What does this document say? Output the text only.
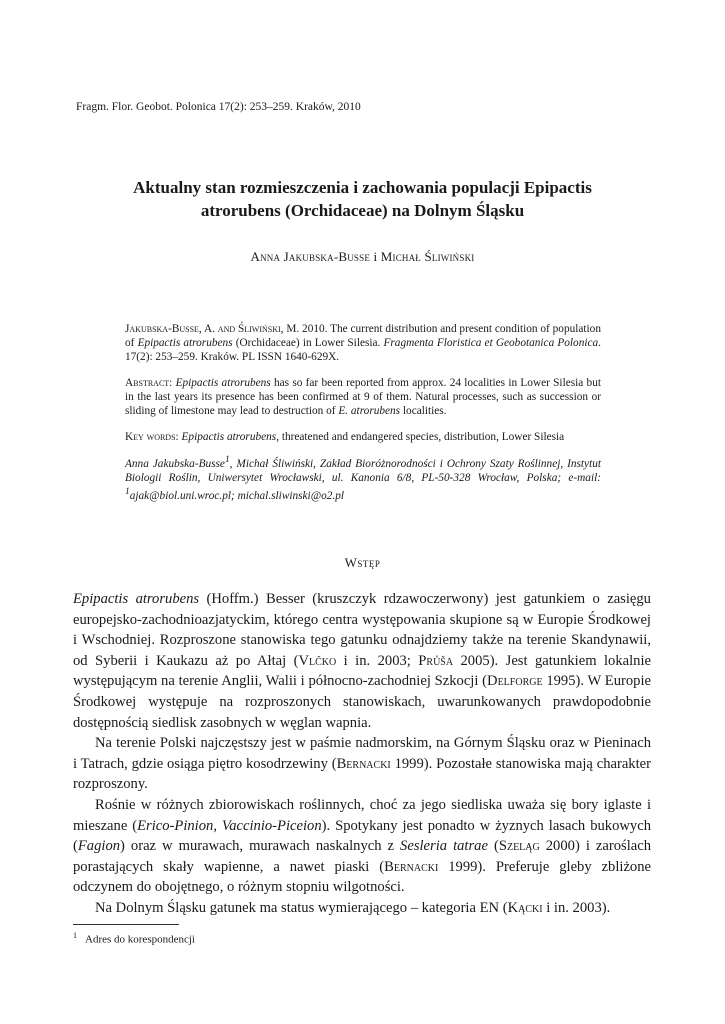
Fragm. Flor. Geobot. Polonica 17(2): 253–259. Kraków, 2010
Aktualny stan rozmieszczenia i zachowania populacji Epipactis
atrorubens (Orchidaceae) na Dolnym Śląsku
Anna Jakubska-Busse i Michał Śliwiński
Jakubska-Busse, A. and Śliwiński, M. 2010. The current distribution and present condition of population of Epipactis atrorubens (Orchidaceae) in Lower Silesia. Fragmenta Floristica et Geobotanica Polonica. 17(2): 253–259. Kraków. PL ISSN 1640-629X.
Abstract: Epipactis atrorubens has so far been reported from approx. 24 localities in Lower Silesia but in the last years its presence has been confirmed at 9 of them. Natural processes, such as succession or sliding of limestone may lead to destruction of E. atrorubens localities.
Key words: Epipactis atrorubens, threatened and endangered species, distribution, Lower Silesia
Anna Jakubska-Busse$^1$, Michał Śliwiński, Zakład Bioróżnorodności i Ochrony Szaty Roślinnej, Instytut Biologii Roślin, Uniwersytet Wrocławski, ul. Kanonia 6/8, PL-50-328 Wrocław, Polska; e-mail: $^1$ajak@biol.uni.wroc.pl; michal.sliwinski@o2.pl
Wstęp

Epipactis atrorubens (Hoffm.) Besser (kruszczyk rdzawoczerwony) jest gatunkiem o zasięgu europejsko-zachodnioazjatyckim, którego centra występowania skupione są w Europie Środkowej i Wschodniej. Rozproszone stanowiska tego gatunku odnajdziemy także na terenie Skandynawii, od Syberii i Kaukazu aż po Ałtaj (Vlčko i in. 2003; Průša 2005). Jest gatunkiem lokalnie występującym na terenie Anglii, Walii i północno-zachodniej Szkocji (Delforge 1995). W Europie Środkowej występuje na rozproszonych stanowiskach, uwarunkowanych prawdopodobnie dostępnością siedlisk zasobnych w węglan wapnia.

Na terenie Polski najczęstszy jest w paśmie nadmorskim, na Górnym Śląsku oraz w Pieninach i Tatrach, gdzie osiąga piętro kosodrzewiny (Bernacki 1999). Pozostałe stanowiska mają charakter rozproszony.

Rośnie w różnych zbiorowiskach roślinnych, choć za jego siedliska uważa się bory iglaste i mieszane (Erico-Pinion, Vaccinio-Piceion). Spotykany jest ponadto w żyznych lasach bukowych (Fagion) oraz w murawach, murawach naskalnych z Sesleria tatrae (Szeląg 2000) i zaroślach porastających skały wapienne, a nawet piaski (Bernacki 1999). Preferuje gleby zbliżone odczynem do obojętnego, o różnym stopniu wilgotności.

Na Dolnym Śląsku gatunek ma status wymierającego – kategoria EN (Kącki i in. 2003).

$^1$ Adres do korespondencji
